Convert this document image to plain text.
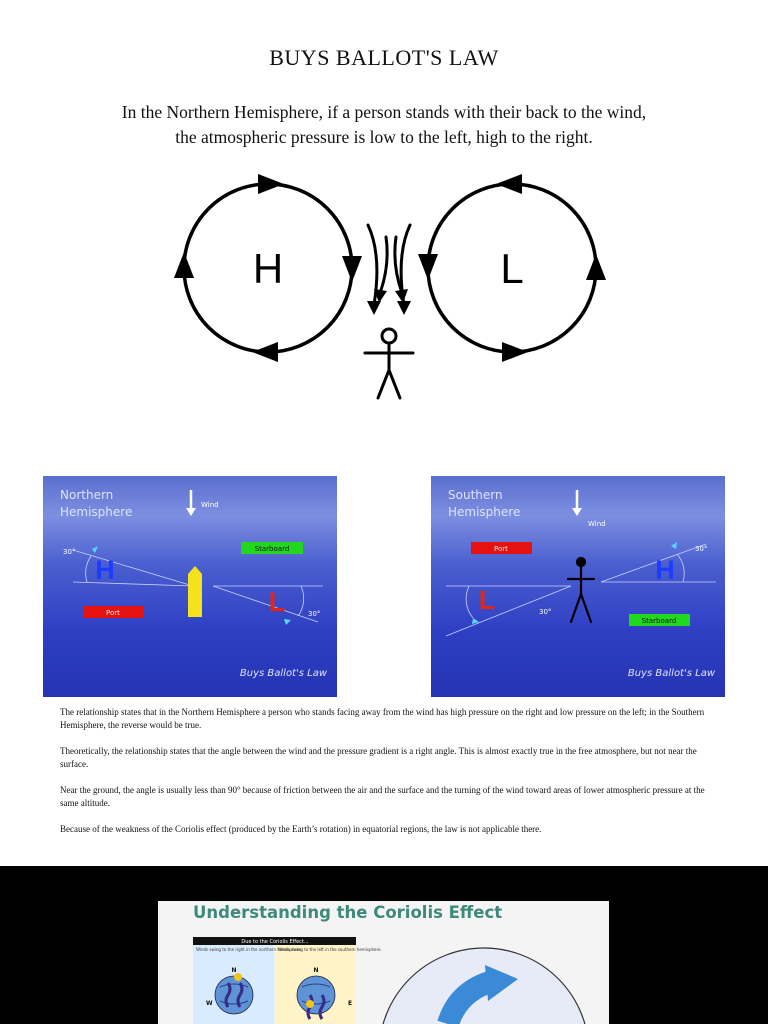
BUYS BALLOT'S LAW
In the Northern Hemisphere, if a person stands with their back to the wind,
the atmospheric pressure is low to the left, high to the right.
H	L
Northern
Hemisphere	Wind
30°
H
30°
L
Starboard
Port
Buys Ballot's Law
Southern
Hemisphere
Wind
30°
H
30°
L
Port
Starboard
Buys Ballot's Law

The relationship states that in the Northern Hemisphere a person who stands facing away from the wind has high pressure on the right and low pressure on the left; in the Southern Hemisphere, the reverse would be true.

Theoretically, the relationship states that the angle between the wind and the pressure gradient is a right angle. This is almost exactly true in the free atmosphere, but not near the surface.

Near the ground, the angle is usually less than 90° because of friction between the air and the surface and the turning of the wind toward areas of lower atmospheric pressure at the same altitude.

Because of the weakness of the Coriolis effect (produced by the Earth’s rotation) in equatorial regions, the law is not applicable there.

Understanding the Coriolis Effect
Due to the Coriolis Effect...
Winds swing to the right in the northern hemisphere.
Winds swing to the left in the southern hemisphere.
N
W
N
E
